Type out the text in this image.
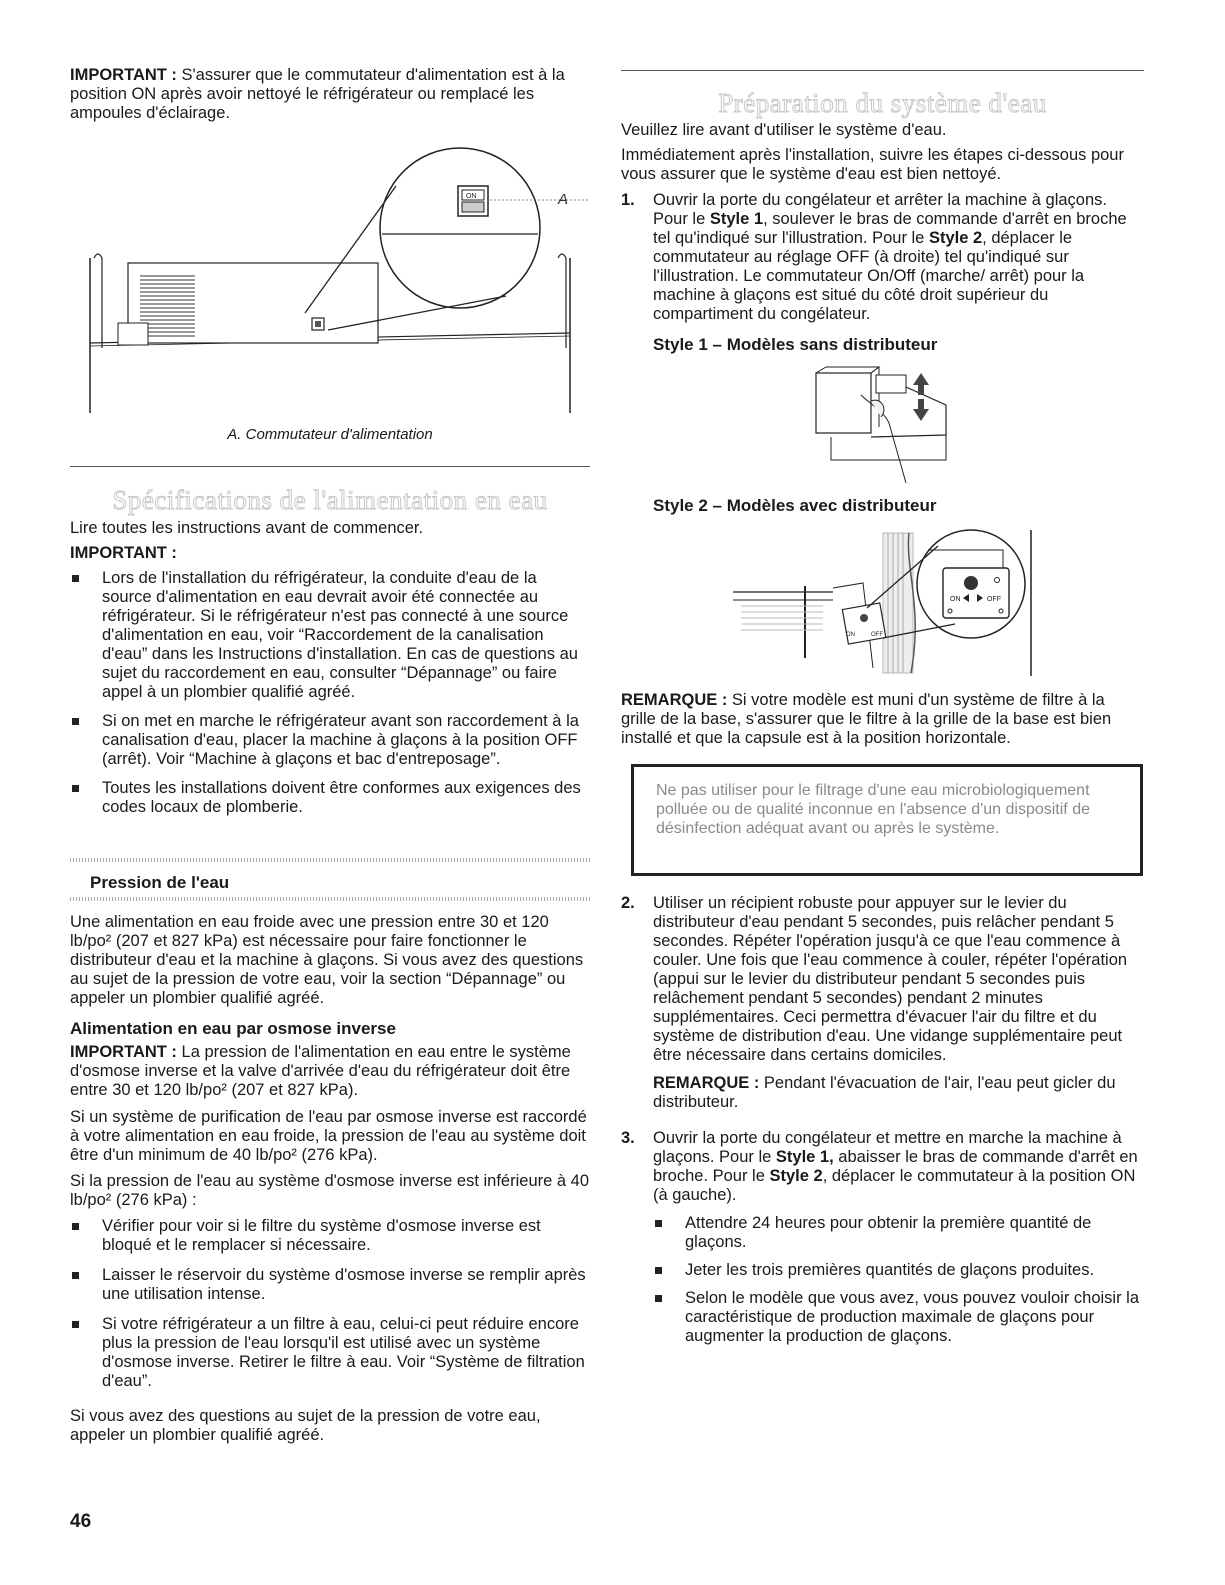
IMPORTANT : S'assurer que le commutateur d'alimentation est à la position ON après avoir nettoyé le réfrigérateur ou remplacé les ampoules d'éclairage.

ON	A

A. Commutateur d'alimentation

Spécifications de l'alimentation en eau

Lire toutes les instructions avant de commencer.

IMPORTANT :

Lors de l'installation du réfrigérateur, la conduite d'eau de la source d'alimentation en eau devrait avoir été connectée au réfrigérateur. Si le réfrigérateur n'est pas connecté à une source d'alimentation en eau, voir “Raccordement de la canalisation d'eau” dans les Instructions d'installation. En cas de questions au sujet du raccordement en eau, consulter “Dépannage” ou faire appel à un plombier qualifié agréé.
Si on met en marche le réfrigérateur avant son raccordement à la canalisation d'eau, placer la machine à glaçons à la position OFF (arrêt). Voir “Machine à glaçons et bac d'entreposage”.
Toutes les installations doivent être conformes aux exigences des codes locaux de plomberie.

Pression de l'eau

Une alimentation en eau froide avec une pression entre 30 et 120 lb/po² (207 et 827 kPa) est nécessaire pour faire fonctionner le distributeur d'eau et la machine à glaçons. Si vous avez des questions au sujet de la pression de votre eau, voir la section “Dépannage” ou appeler un plombier qualifié agréé.

Alimentation en eau par osmose inverse

IMPORTANT : La pression de l'alimentation en eau entre le système d'osmose inverse et la valve d'arrivée d'eau du réfrigérateur doit être entre 30 et 120 lb/po² (207 et 827 kPa).

Si un système de purification de l'eau par osmose inverse est raccordé à votre alimentation en eau froide, la pression de l'eau au système doit être d'un minimum de 40 lb/po² (276 kPa).

Si la pression de l'eau au système d'osmose inverse est inférieure à 40 lb/po² (276 kPa) :

Vérifier pour voir si le filtre du système d'osmose inverse est bloqué et le remplacer si nécessaire.
Laisser le réservoir du système d'osmose inverse se remplir après une utilisation intense.
Si votre réfrigérateur a un filtre à eau, celui-ci peut réduire encore plus la pression de l'eau lorsqu'il est utilisé avec un système d'osmose inverse. Retirer le filtre à eau. Voir “Système de filtration d'eau”.

Si vous avez des questions au sujet de la pression de votre eau, appeler un plombier qualifié agréé.

46

Préparation du système d'eau

Veuillez lire avant d'utiliser le système d'eau.

Immédiatement après l'installation, suivre les étapes ci-dessous pour vous assurer que le système d'eau est bien nettoyé.

1. Ouvrir la porte du congélateur et arrêter la machine à glaçons. Pour le Style 1, soulever le bras de commande d'arrêt en broche tel qu'indiqué sur l'illustration. Pour le Style 2, déplacer le commutateur au réglage OFF (à droite) tel qu'indiqué sur l'illustration. Le commutateur On/Off (marche/ arrêt) pour la machine à glaçons est situé du côté droit supérieur du compartiment du congélateur.

Style 1 – Modèles sans distributeur

Style 2 – Modèles avec distributeur

ON	OFF
ON	OFF

REMARQUE : Si votre modèle est muni d'un système de filtre à la grille de la base, s'assurer que le filtre à la grille de la base est bien installé et que la capsule est à la position horizontale.

Ne pas utiliser pour le filtrage d'une eau microbiologiquement polluée ou de qualité inconnue en l'absence d'un dispositif de désinfection adéquat avant ou après le système.

2. Utiliser un récipient robuste pour appuyer sur le levier du distributeur d'eau pendant 5 secondes, puis relâcher pendant 5 secondes. Répéter l'opération jusqu'à ce que l'eau commence à couler. Une fois que l'eau commence à couler, répéter l'opération (appui sur le levier du distributeur pendant 5 secondes puis relâchement pendant 5 secondes) pendant 2 minutes supplémentaires. Ceci permettra d'évacuer l'air du filtre et du système de distribution d'eau. Une vidange supplémentaire peut être nécessaire dans certains domiciles.

REMARQUE : Pendant l'évacuation de l'air, l'eau peut gicler du distributeur.

3. Ouvrir la porte du congélateur et mettre en marche la machine à glaçons. Pour le Style 1, abaisser le bras de commande d'arrêt en broche. Pour le Style 2, déplacer le commutateur à la position ON (à gauche).

Attendre 24 heures pour obtenir la première quantité de glaçons.
Jeter les trois premières quantités de glaçons produites.
Selon le modèle que vous avez, vous pouvez vouloir choisir la caractéristique de production maximale de glaçons pour augmenter la production de glaçons.
